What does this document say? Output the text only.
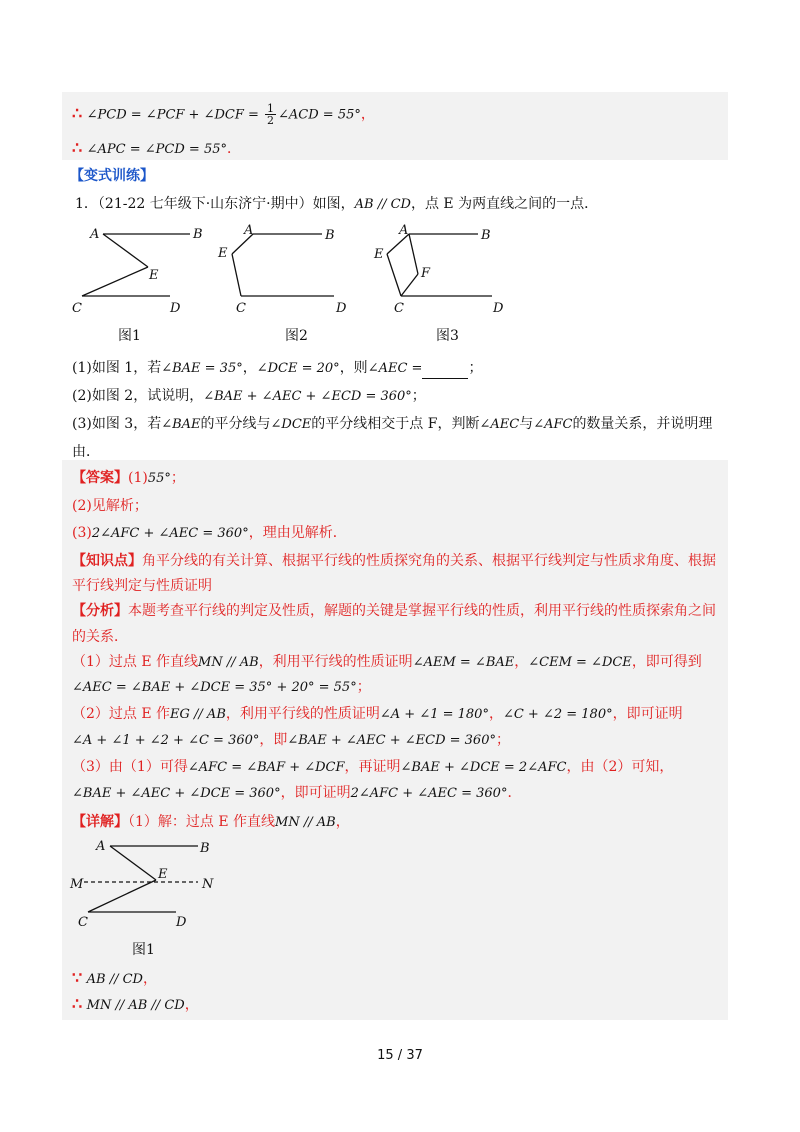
∴ ∠PCD = ∠PCF + ∠DCF = $\frac{1}{2}$ ∠ACD = 55°，
∴ ∠APC = ∠PCD = 55°．
【变式训练】
1．（21-22 七年级下·山东济宁·期中）如图，AB // CD，点 E 为两直线之间的一点．
A	B
E
C	D
图1
A	B
E
C	D
图2
A	B
E
F
C	D
图3
(1)如图 1，若∠BAE = 35°，∠DCE = 20°，则∠AEC =	；
(2)如图 2，试说明，∠BAE + ∠AEC + ∠ECD = 360°；
(3)如图 3，若∠BAE的平分线与∠DCE的平分线相交于点 F，判断∠AEC与∠AFC的数量关系，并说明理
由．
【答案】(1)55°；
(2)见解析；
(3)2∠AFC + ∠AEC = 360°，理由见解析．
【知识点】角平分线的有关计算、根据平行线的性质探究角的关系、根据平行线判定与性质求角度、根据
平行线判定与性质证明
【分析】本题考查平行线的判定及性质，解题的关键是掌握平行线的性质，利用平行线的性质探索角之间
的关系．
（1）过点 E 作直线MN // AB，利用平行线的性质证明∠AEM = ∠BAE，∠CEM = ∠DCE，即可得到
∠AEC = ∠BAE + ∠DCE = 35° + 20° = 55°；
（2）过点 E 作EG // AB，利用平行线的性质证明∠A + ∠1 = 180°，∠C + ∠2 = 180°，即可证明
∠A + ∠1 + ∠2 + ∠C = 360°，即∠BAE + ∠AEC + ∠ECD = 360°；
（3）由（1）可得∠AFC = ∠BAF + ∠DCF，再证明∠BAE + ∠DCE = 2∠AFC，由（2）可知，
∠BAE + ∠AEC + ∠DCE = 360°，即可证明2∠AFC + ∠AEC = 360°．
【详解】（1）解：过点 E 作直线MN // AB，
A	B
E
M	N
C	D
图1
∵ AB // CD，
∴ MN // AB // CD，
15 / 37
